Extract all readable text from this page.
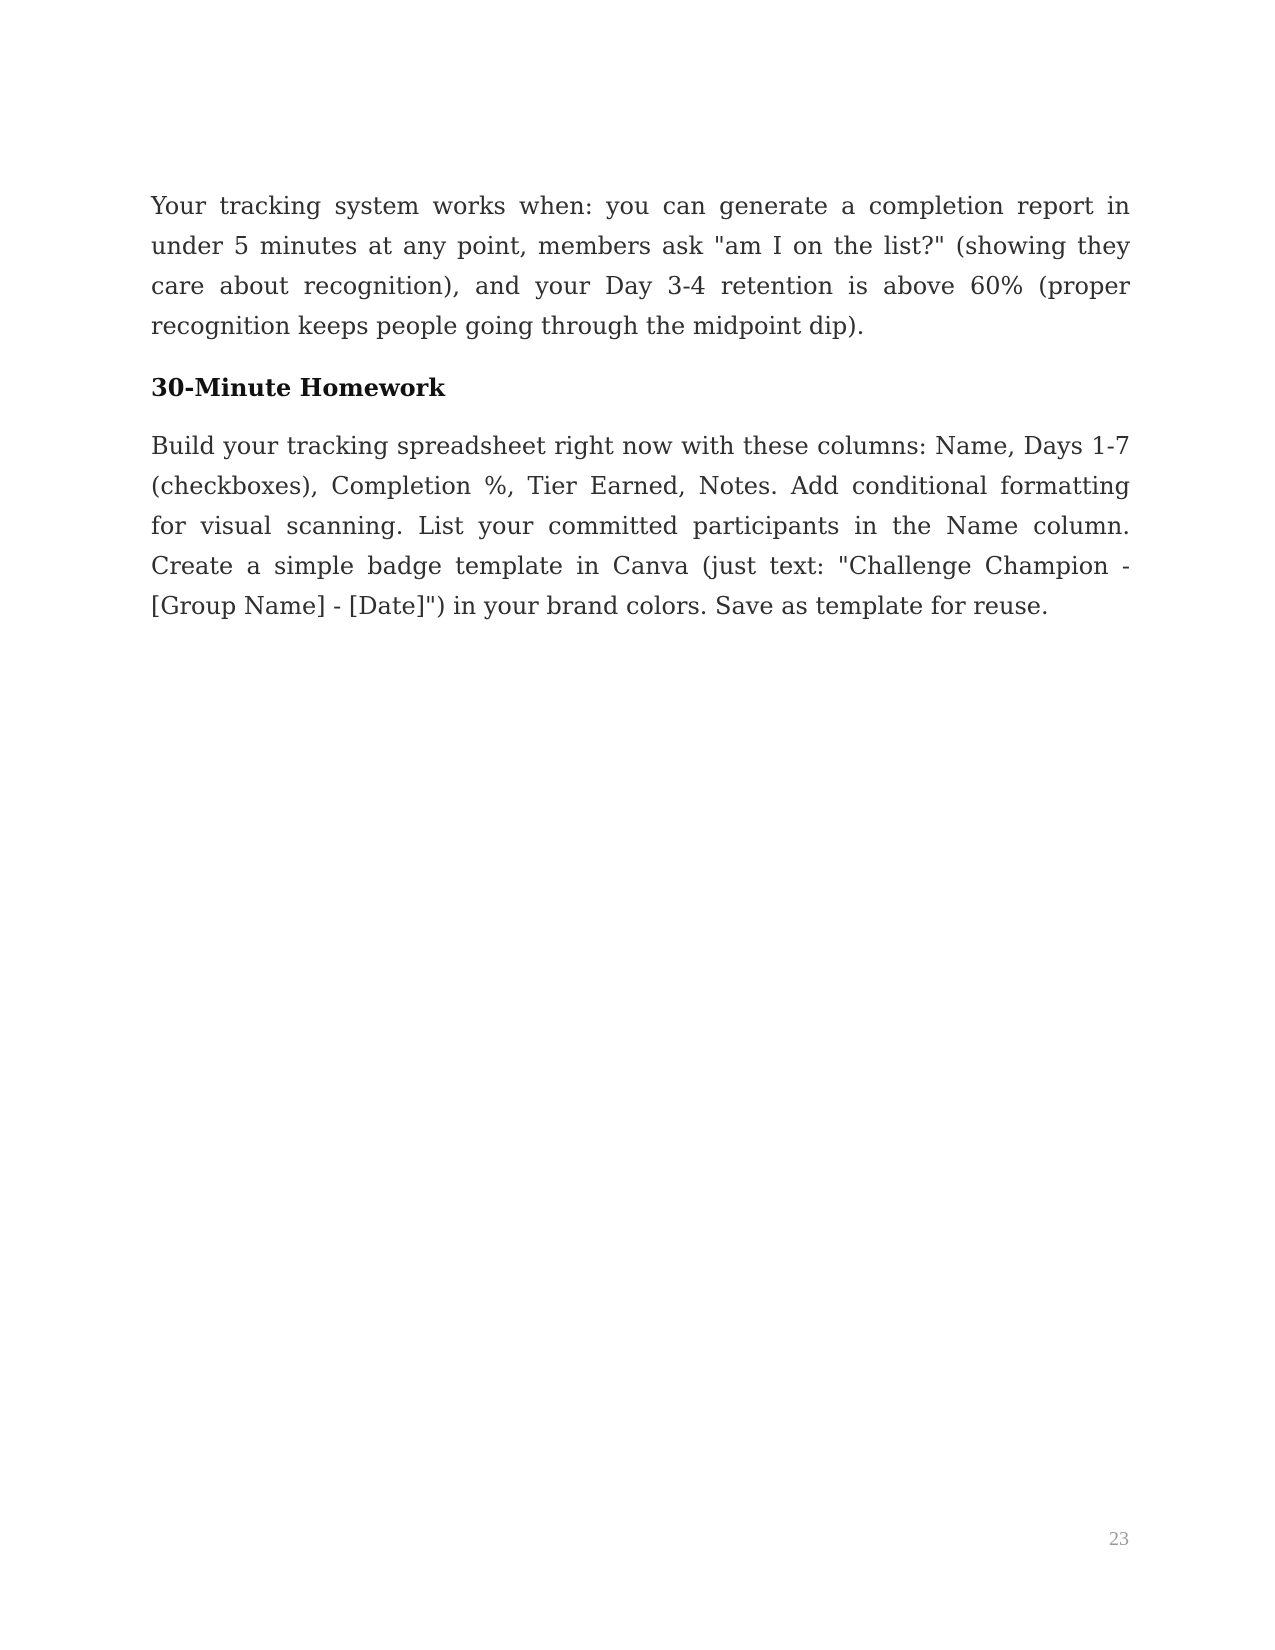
Your tracking system works when: you can generate a completion report in under 5 minutes at any point, members ask "am I on the list?" (showing they care about recognition), and your Day 3-4 retention is above 60% (proper recognition keeps people going through the midpoint dip).

30-Minute Homework

Build your tracking spreadsheet right now with these columns: Name, Days 1-7 (checkboxes), Completion %, Tier Earned, Notes. Add conditional formatting for visual scanning. List your committed participants in the Name column. Create a simple badge template in Canva (just text: "Challenge Champion - [Group Name] - [Date]") in your brand colors. Save as template for reuse.

23
